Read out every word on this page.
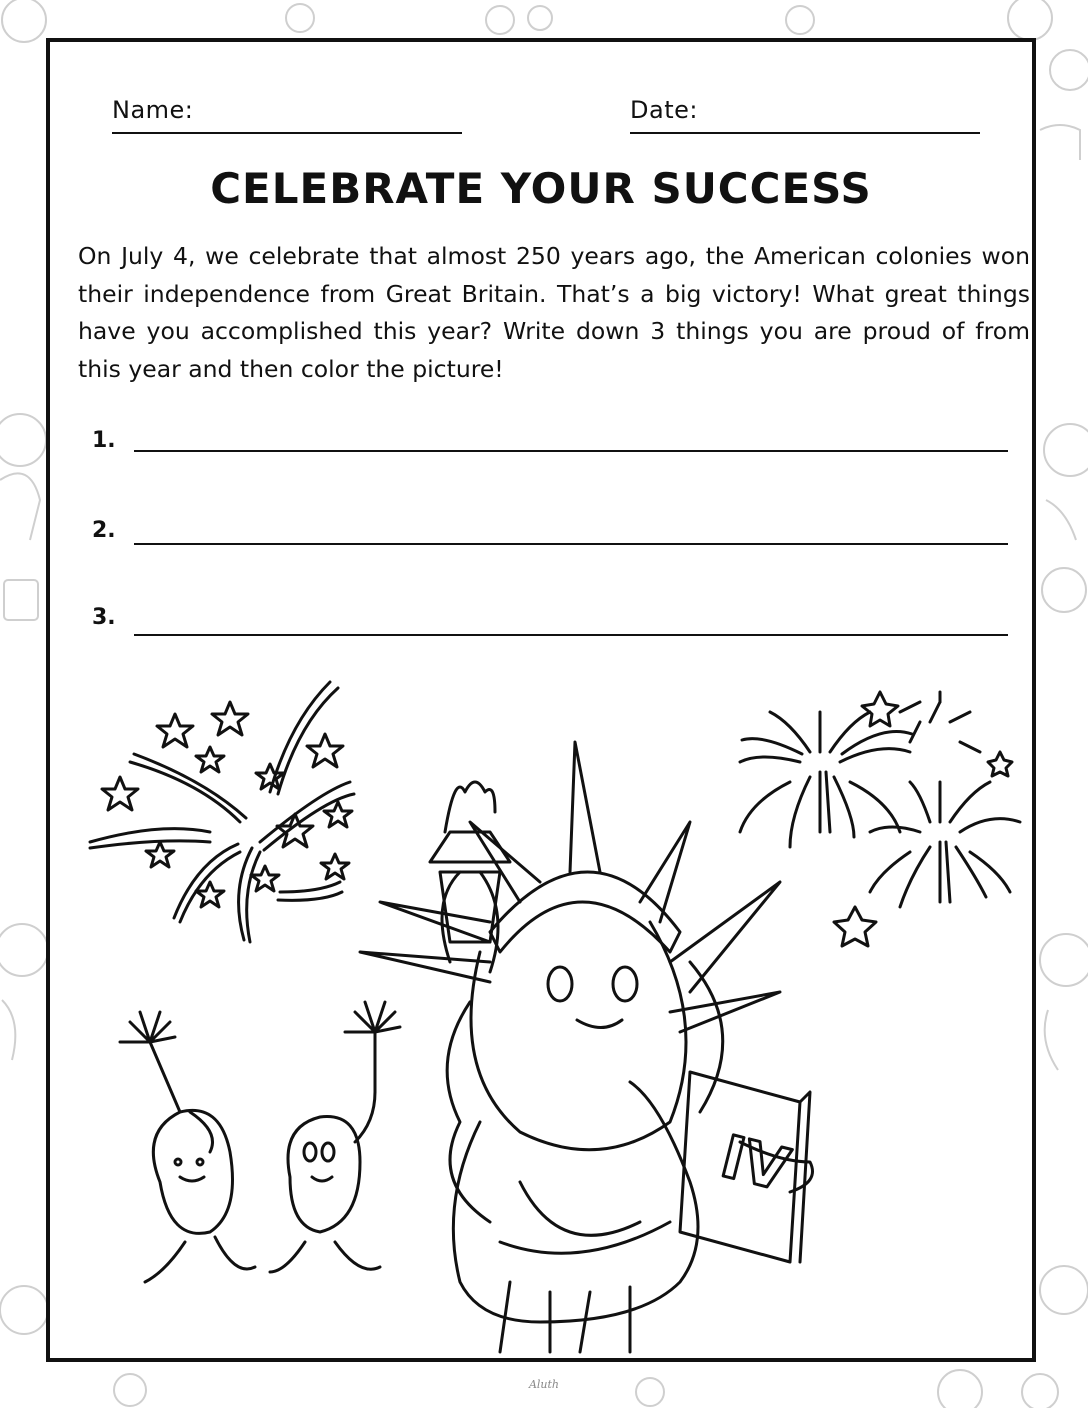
Name:	Date:
CELEBRATE YOUR SUCCESS
On July 4, we celebrate that almost 250 years ago, the American colonies won their independence from Great Britain. That’s a big victory! What great things have you accomplished this year? Write down 3 things you are proud of from this year and then color the picture!
1.
2.
3.
IV
Aluth
